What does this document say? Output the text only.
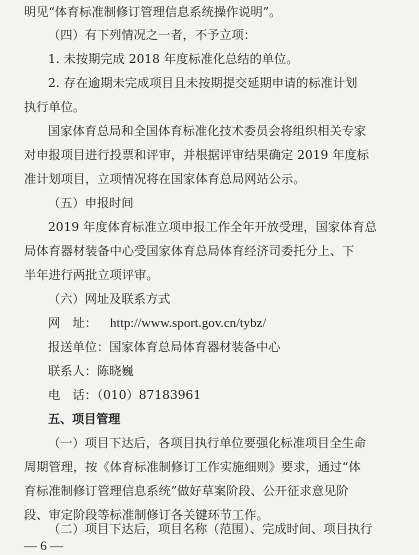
明见“体育标准制修订管理信息系统操作说明”。
（四）有下列情况之一者，不予立项：
1. 未按期完成 2018 年度标准化总结的单位。
2. 存在逾期未完成项目且未按期提交延期申请的标准计划
执行单位。
国家体育总局和全国体育标准化技术委员会将组织相关专家
对申报项目进行投票和评审，并根据评审结果确定 2019 年度标
准计划项目，立项情况将在国家体育总局网站公示。
（五）申报时间
2019 年度体育标准立项申报工作全年开放受理，国家体育总
局体育器材装备中心受国家体育总局体育经济司委托分上、下
半年进行两批立项评审。
（六）网址及联系方式
网　址： http://www.sport.gov.cn/tybz/
报送单位：国家体育总局体育器材装备中心
联系人：陈晓巍
电　话：（010）87183961
五、项目管理
（一）项目下达后，各项目执行单位要强化标准项目全生命
周期管理，按《体育标准制修订工作实施细则》要求，通过“体
育标准制修订管理信息系统”做好草案阶段、公开征求意见阶
段、审定阶段等标准制修订各关键环节工作。
（二）项目下达后，项目名称（范围）、完成时间、项目执行
— 6 —
